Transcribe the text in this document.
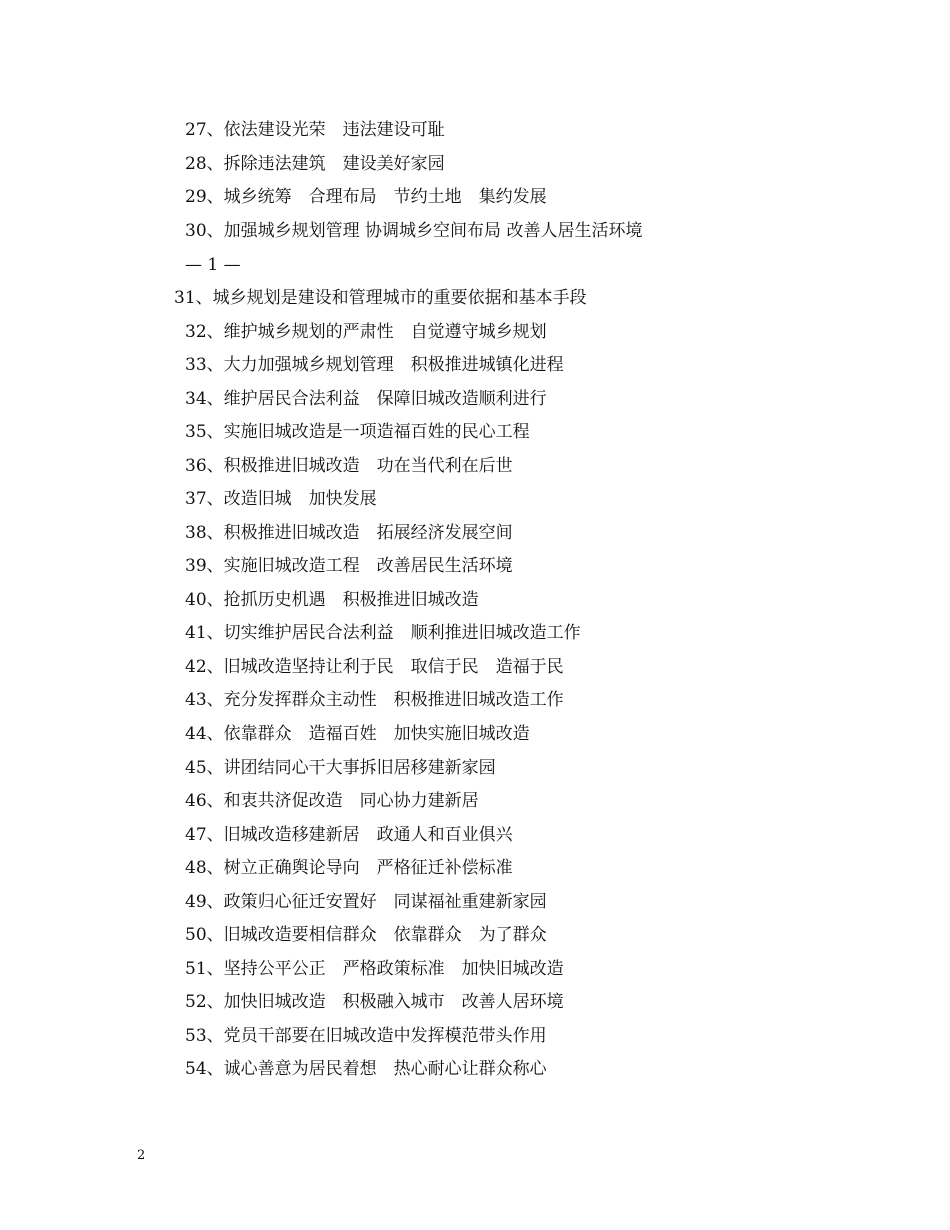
27、依法建设光荣　违法建设可耻
28、拆除违法建筑　建设美好家园
29、城乡统筹　合理布局　节约土地　集约发展
30、加强城乡规划管理 协调城乡空间布局 改善人居生活环境
— 1 —
31、城乡规划是建设和管理城市的重要依据和基本手段
32、维护城乡规划的严肃性　自觉遵守城乡规划
33、大力加强城乡规划管理　积极推进城镇化进程
34、维护居民合法利益　保障旧城改造顺利进行
35、实施旧城改造是一项造福百姓的民心工程
36、积极推进旧城改造　功在当代利在后世
37、改造旧城　加快发展
38、积极推进旧城改造　拓展经济发展空间
39、实施旧城改造工程　改善居民生活环境
40、抢抓历史机遇　积极推进旧城改造
41、切实维护居民合法利益　顺利推进旧城改造工作
42、旧城改造坚持让利于民　取信于民　造福于民
43、充分发挥群众主动性　积极推进旧城改造工作
44、依靠群众　造福百姓　加快实施旧城改造
45、讲团结同心干大事拆旧居移建新家园
46、和衷共济促改造　同心协力建新居
47、旧城改造移建新居　政通人和百业俱兴
48、树立正确舆论导向　严格征迁补偿标准
49、政策归心征迁安置好　同谋福祉重建新家园
50、旧城改造要相信群众　依靠群众　为了群众
51、坚持公平公正　严格政策标准　加快旧城改造
52、加快旧城改造　积极融入城市　改善人居环境
53、党员干部要在旧城改造中发挥模范带头作用
54、诚心善意为居民着想　热心耐心让群众称心
2
